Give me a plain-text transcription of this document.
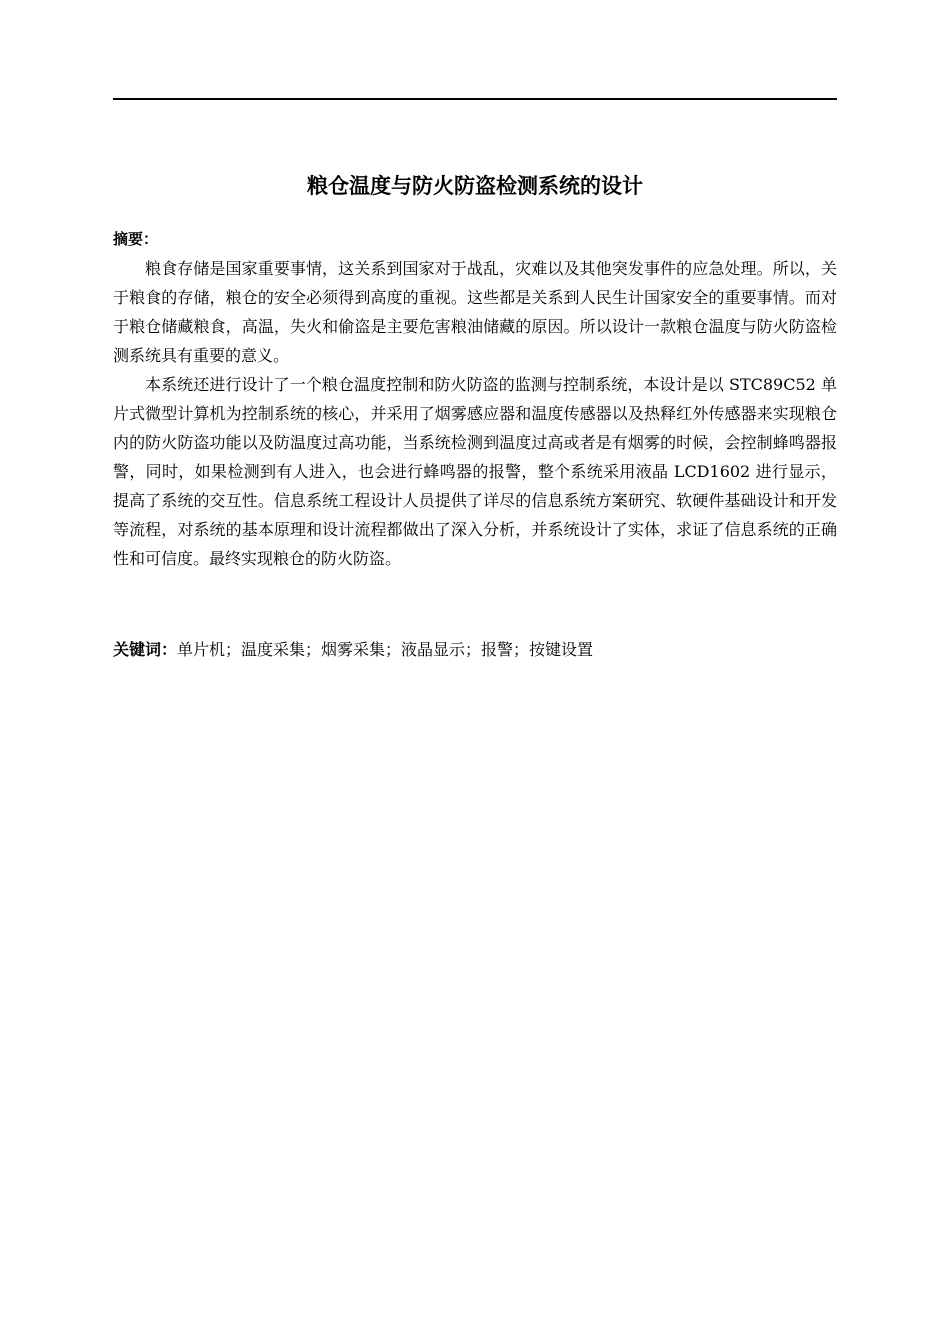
粮仓温度与防火防盗检测系统的设计
摘要：

粮食存储是国家重要事情，这关系到国家对于战乱，灾难以及其他突发事件的应急处理。所以，关于粮食的存储，粮仓的安全必须得到高度的重视。这些都是关系到人民生计国家安全的重要事情。而对于粮仓储藏粮食，高温，失火和偷盗是主要危害粮油储藏的原因。所以设计一款粮仓温度与防火防盗检测系统具有重要的意义。

本系统还进行设计了一个粮仓温度控制和防火防盗的监测与控制系统，本设计是以 STC89C52 单片式微型计算机为控制系统的核心，并采用了烟雾感应器和温度传感器以及热释红外传感器来实现粮仓内的防火防盗功能以及防温度过高功能，当系统检测到温度过高或者是有烟雾的时候，会控制蜂鸣器报警，同时，如果检测到有人进入，也会进行蜂鸣器的报警，整个系统采用液晶 LCD1602 进行显示，提高了系统的交互性。信息系统工程设计人员提供了详尽的信息系统方案研究、软硬件基础设计和开发等流程，对系统的基本原理和设计流程都做出了深入分析，并系统设计了实体，求证了信息系统的正确性和可信度。最终实现粮仓的防火防盗。

关键词：单片机；温度采集；烟雾采集；液晶显示；报警；按键设置
